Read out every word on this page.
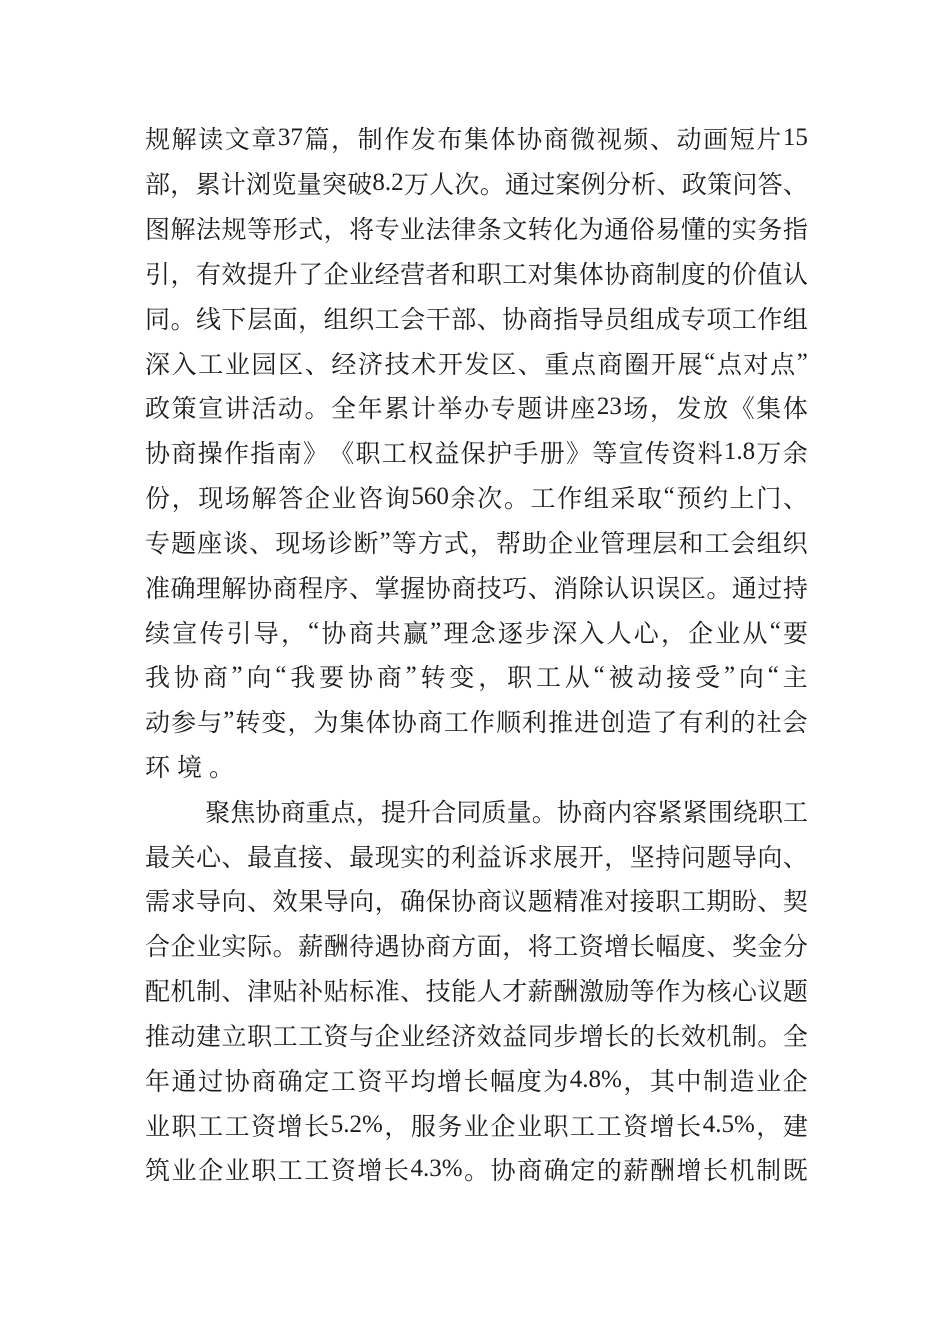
规 解 读 文 章 37 篇 ， 制 作 发 布 集 体 协 商 微 视 频 、 动 画 短 片 15
部 ， 累 计 浏 览 量 突 破 8.2 万 人 次 。 通 过 案 例 分 析 、 政 策 问 答 、
图 解 法 规 等 形 式 ， 将 专 业 法 律 条 文 转 化 为 通 俗 易 懂 的 实 务 指
引 ， 有 效 提 升 了 企 业 经 营 者 和 职 工 对 集 体 协 商 制 度 的 价 值 认
同 。 线 下 层 面 ， 组 织 工 会 干 部 、 协 商 指 导 员 组 成 专 项 工 作 组
深 入 工 业 园 区 、 经 济 技 术 开 发 区 、 重 点 商 圈 开 展 “ 点 对 点 ”
政 策 宣 讲 活 动 。 全 年 累 计 举 办 专 题 讲 座 23 场 ， 发 放 《 集 体
协 商 操 作 指 南 》 《 职 工 权 益 保 护 手 册 》 等 宣 传 资 料 1.8 万 余
份 ， 现 场 解 答 企 业 咨 询 560 余 次 。 工 作 组 采 取 “ 预 约 上 门 、
专 题 座 谈 、 现 场 诊 断 ” 等 方 式 ， 帮 助 企 业 管 理 层 和 工 会 组 织
准 确 理 解 协 商 程 序 、 掌 握 协 商 技 巧 、 消 除 认 识 误 区 。 通 过 持
续 宣 传 引 导 ， “ 协 商 共 赢 ” 理 念 逐 步 深 入 人 心 ， 企 业 从 “ 要
我 协 商 ” 向 “ 我 要 协 商 ” 转 变 ， 职 工 从 “ 被 动 接 受 ” 向 “ 主
动 参 与 ” 转 变 ， 为 集 体 协 商 工 作 顺 利 推 进 创 造 了 有 利 的 社 会
环 境 。
聚 焦 协 商 重 点 ， 提 升 合 同 质 量 。 协 商 内 容 紧 紧 围 绕 职 工
最 关 心 、 最 直 接 、 最 现 实 的 利 益 诉 求 展 开 ， 坚 持 问 题 导 向 、
需 求 导 向 、 效 果 导 向 ， 确 保 协 商 议 题 精 准 对 接 职 工 期 盼 、 契
合 企 业 实 际 。 薪 酬 待 遇 协 商 方 面 ， 将 工 资 增 长 幅 度 、 奖 金 分
配 机 制 、 津 贴 补 贴 标 准 、 技 能 人 才 薪 酬 激 励 等 作 为 核 心 议 题
推 动 建 立 职 工 工 资 与 企 业 经 济 效 益 同 步 增 长 的 长 效 机 制 。 全
年 通 过 协 商 确 定 工 资 平 均 增 长 幅 度 为 4.8% ， 其 中 制 造 业 企
业 职 工 工 资 增 长 5.2% ， 服 务 业 企 业 职 工 工 资 增 长 4.5% ， 建
筑 业 企 业 职 工 工 资 增 长 4.3% 。 协 商 确 定 的 薪 酬 增 长 机 制 既
